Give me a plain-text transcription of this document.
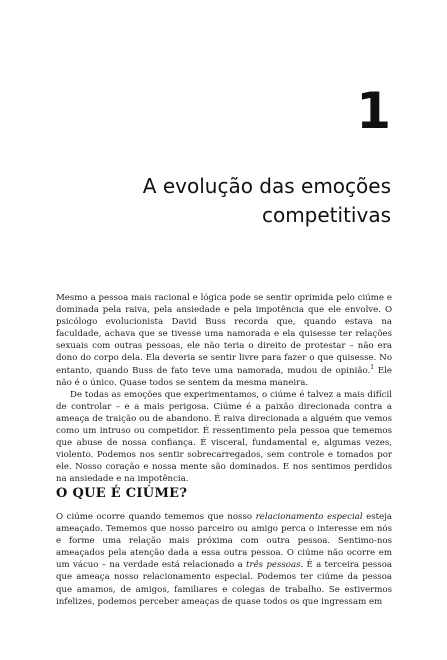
1
A evolução das emoções
competitivas

Mesmo a pessoa mais racional e lógica pode se sentir oprimida pelo ciúme e dominada pela raiva, pela ansiedade e pela impotência que ele envolve. O psicólogo evolucionista David Buss recorda que, quando estava na faculdade, achava que se tivesse uma namorada e ela quisesse ter relações sexuais com outras pessoas, ele não teria o direito de protestar – não era dono do corpo dela. Ela deveria se sentir livre para fazer o que quisesse. No entanto, quando Buss de fato teve uma namorada, mudou de opinião.$^1$ Ele não é o único. Quase todos se sentem da mesma maneira.

De todas as emoções que experimentamos, o ciúme é talvez a mais difícil de controlar – e a mais perigosa. Ciúme é a paixão direcionada contra a ameaça de traição ou de abandono. É raiva direcionada a alguém que vemos como um intruso ou competidor. É ressentimento pela pessoa que tememos que abuse de nossa confiança. É visceral, fundamental e, algumas vezes, violento. Podemos nos sentir sobrecarregados, sem controle e tomados por ele. Nosso coração e nossa mente são dominados. E nos sentimos perdidos na ansiedade e na impotência.

O QUE É CIÚME?

O ciúme ocorre quando tememos que nosso relacionamento especial esteja ameaçado. Tememos que nosso parceiro ou amigo perca o interesse em nós e forme uma relação mais próxima com outra pessoa. Sentimo-nos ameaçados pela atenção dada a essa outra pessoa. O ciúme não ocorre em um vácuo – na verdade está relacionado a três pessoas. É a terceira pessoa que ameaça nosso relacionamento especial. Podemos ter ciúme da pessoa que amamos, de amigos, familiares e colegas de trabalho. Se estivermos infelizes, podemos perceber ameaças de quase todos os que ingressam em
